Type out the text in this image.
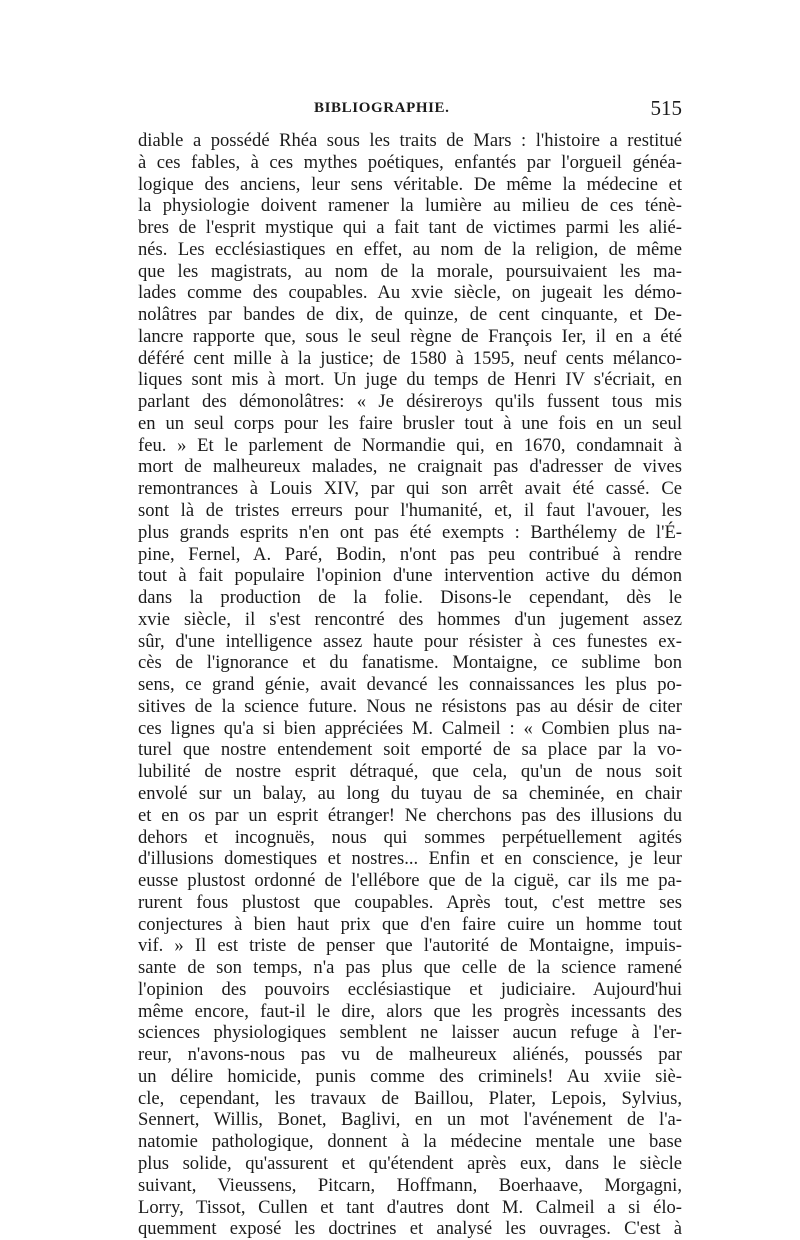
BIBLIOGRAPHIE.	515
diable a possédé Rhéa sous les traits de Mars : l'histoire a restitué
à ces fables, à ces mythes poétiques, enfantés par l'orgueil généa-
logique des anciens, leur sens véritable. De même la médecine et
la physiologie doivent ramener la lumière au milieu de ces ténè-
bres de l'esprit mystique qui a fait tant de victimes parmi les alié-
nés. Les ecclésiastiques en effet, au nom de la religion, de même
que les magistrats, au nom de la morale, poursuivaient les ma-
lades comme des coupables. Au xvie siècle, on jugeait les démo-
nolâtres par bandes de dix, de quinze, de cent cinquante, et De-
lancre rapporte que, sous le seul règne de François Ier, il en a été
déféré cent mille à la justice; de 1580 à 1595, neuf cents mélanco-
liques sont mis à mort. Un juge du temps de Henri IV s'écriait, en
parlant des démonolâtres: « Je désireroys qu'ils fussent tous mis
en un seul corps pour les faire brusler tout à une fois en un seul
feu. » Et le parlement de Normandie qui, en 1670, condamnait à
mort de malheureux malades, ne craignait pas d'adresser de vives
remontrances à Louis XIV, par qui son arrêt avait été cassé. Ce
sont là de tristes erreurs pour l'humanité, et, il faut l'avouer, les
plus grands esprits n'en ont pas été exempts : Barthélemy de l'É-
pine, Fernel, A. Paré, Bodin, n'ont pas peu contribué à rendre
tout à fait populaire l'opinion d'une intervention active du démon
dans la production de la folie. Disons-le cependant, dès le
xvie siècle, il s'est rencontré des hommes d'un jugement assez
sûr, d'une intelligence assez haute pour résister à ces funestes ex-
cès de l'ignorance et du fanatisme. Montaigne, ce sublime bon
sens, ce grand génie, avait devancé les connaissances les plus po-
sitives de la science future. Nous ne résistons pas au désir de citer
ces lignes qu'a si bien appréciées M. Calmeil : « Combien plus na-
turel que nostre entendement soit emporté de sa place par la vo-
lubilité de nostre esprit détraqué, que cela, qu'un de nous soit
envolé sur un balay, au long du tuyau de sa cheminée, en chair
et en os par un esprit étranger! Ne cherchons pas des illusions du
dehors et incognuës, nous qui sommes perpétuellement agités
d'illusions domestiques et nostres... Enfin et en conscience, je leur
eusse plustost ordonné de l'ellébore que de la ciguë, car ils me pa-
rurent fous plustost que coupables. Après tout, c'est mettre ses
conjectures à bien haut prix que d'en faire cuire un homme tout
vif. » Il est triste de penser que l'autorité de Montaigne, impuis-
sante de son temps, n'a pas plus que celle de la science ramené
l'opinion des pouvoirs ecclésiastique et judiciaire. Aujourd'hui
même encore, faut-il le dire, alors que les progrès incessants des
sciences physiologiques semblent ne laisser aucun refuge à l'er-
reur, n'avons-nous pas vu de malheureux aliénés, poussés par
un délire homicide, punis comme des criminels! Au xviie siè-
cle, cependant, les travaux de Baillou, Plater, Lepois, Sylvius,
Sennert, Willis, Bonet, Baglivi, en un mot l'avénement de l'a-
natomie pathologique, donnent à la médecine mentale une base
plus solide, qu'assurent et qu'étendent après eux, dans le siècle
suivant, Vieussens, Pitcarn, Hoffmann, Boerhaave, Morgagni,
Lorry, Tissot, Cullen et tant d'autres dont M. Calmeil a si élo-
quemment exposé les doctrines et analysé les ouvrages. C'est à
